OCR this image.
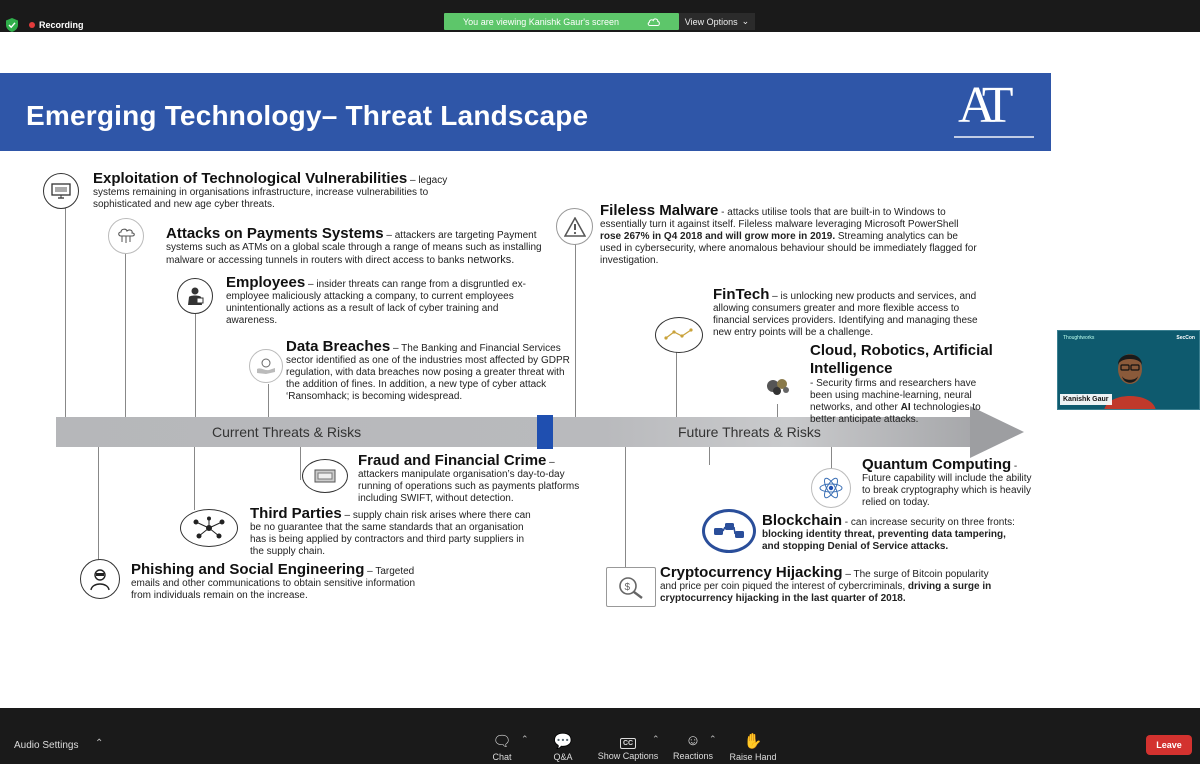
Recording	You are viewing Kanishk Gaur's screen	View Options ⌄
Emerging Technology– Threat Landscape	AT
Current Threats & Risks	Future Threats & Risks
$
Exploitation of Technological Vulnerabilities – legacy systems remaining in organisations infrastructure, increase vulnerabilities to sophisticated and new age cyber threats.
Attacks on Payments Systems – attackers are targeting Payment systems such as ATMs on a global scale through a range of means such as installing malware or accessing tunnels in routers with direct access to banks networks.
Employees – insider threats can range from a disgruntled ex-employee maliciously attacking a company, to current employees unintentionally actions as a result of lack of cyber training and awareness.
Data Breaches – The Banking and Financial Services sector identified as one of the industries most affected by GDPR regulation, with data breaches now posing a greater threat with the addition of fines. In addition, a new type of cyber attack ‘Ransomhack; is becoming widespread.
Fraud and Financial Crime – attackers manipulate organisation’s day-to-day running of operations such as payments platforms including SWIFT, without detection.
Third Parties – supply chain risk arises where there can be no guarantee that the same standards that an organisation has is being applied by contractors and third party suppliers in the supply chain.
Phishing and Social Engineering – Targeted emails and other communications to obtain sensitive information from individuals remain on the increase.
Fileless Malware - attacks utilise tools that are built-in to Windows to essentially turn it against itself. Fileless malware leveraging Microsoft PowerShell rose 267% in Q4 2018 and will grow more in 2019. Streaming analytics can be used in cybersecurity, where anomalous behaviour should be immediately flagged for investigation.
FinTech – is unlocking new products and services, and allowing consumers greater and more flexible access to financial services providers. Identifying and managing these new entry points will be a challenge.
Cloud, Robotics, Artificial Intelligence
- Security firms and researchers have been using machine-learning, neural networks, and other AI technologies to better anticipate attacks.
Quantum Computing - Future capability will include the ability to break cryptography which is heavily relied on today.
Blockchain - can increase security on three fronts: blocking identity threat, preventing data tampering, and stopping Denial of Service attacks.
Cryptocurrency Hijacking – The surge of Bitcoin popularity and price per coin piqued the interest of cybercriminals, driving a surge in cryptocurrency hijacking in the last quarter of 2018.
Thoughtworks	SecCon
Kanishk Gaur
Audio Settings ⌃	🗨
Chat
⌃	💬
Q&A
CC
Show Captions
⌃	☺
Reactions
⌃	✋
Raise Hand
Leave
